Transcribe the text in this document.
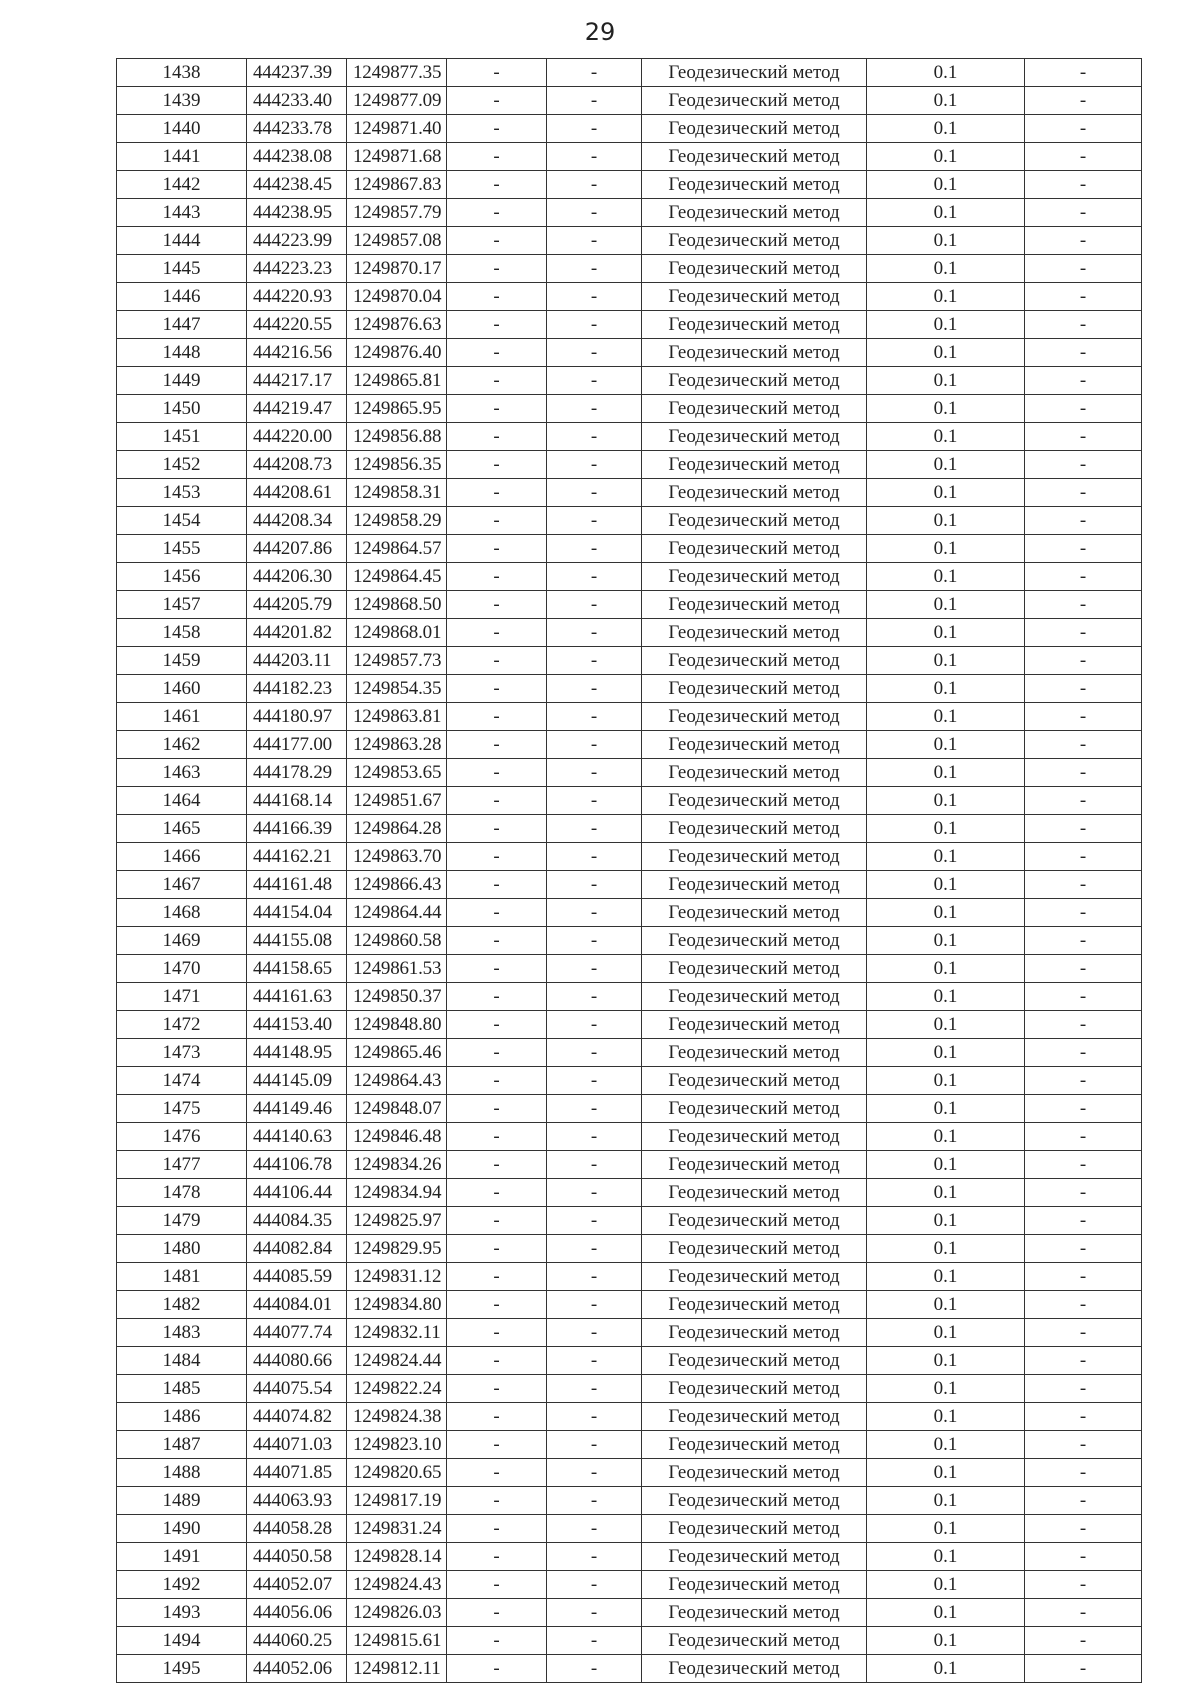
29
1438	444237.39	1249877.35	-	-	Геодезический метод	0.1	-
1439	444233.40	1249877.09	-	-	Геодезический метод	0.1	-
1440	444233.78	1249871.40	-	-	Геодезический метод	0.1	-
1441	444238.08	1249871.68	-	-	Геодезический метод	0.1	-
1442	444238.45	1249867.83	-	-	Геодезический метод	0.1	-
1443	444238.95	1249857.79	-	-	Геодезический метод	0.1	-
1444	444223.99	1249857.08	-	-	Геодезический метод	0.1	-
1445	444223.23	1249870.17	-	-	Геодезический метод	0.1	-
1446	444220.93	1249870.04	-	-	Геодезический метод	0.1	-
1447	444220.55	1249876.63	-	-	Геодезический метод	0.1	-
1448	444216.56	1249876.40	-	-	Геодезический метод	0.1	-
1449	444217.17	1249865.81	-	-	Геодезический метод	0.1	-
1450	444219.47	1249865.95	-	-	Геодезический метод	0.1	-
1451	444220.00	1249856.88	-	-	Геодезический метод	0.1	-
1452	444208.73	1249856.35	-	-	Геодезический метод	0.1	-
1453	444208.61	1249858.31	-	-	Геодезический метод	0.1	-
1454	444208.34	1249858.29	-	-	Геодезический метод	0.1	-
1455	444207.86	1249864.57	-	-	Геодезический метод	0.1	-
1456	444206.30	1249864.45	-	-	Геодезический метод	0.1	-
1457	444205.79	1249868.50	-	-	Геодезический метод	0.1	-
1458	444201.82	1249868.01	-	-	Геодезический метод	0.1	-
1459	444203.11	1249857.73	-	-	Геодезический метод	0.1	-
1460	444182.23	1249854.35	-	-	Геодезический метод	0.1	-
1461	444180.97	1249863.81	-	-	Геодезический метод	0.1	-
1462	444177.00	1249863.28	-	-	Геодезический метод	0.1	-
1463	444178.29	1249853.65	-	-	Геодезический метод	0.1	-
1464	444168.14	1249851.67	-	-	Геодезический метод	0.1	-
1465	444166.39	1249864.28	-	-	Геодезический метод	0.1	-
1466	444162.21	1249863.70	-	-	Геодезический метод	0.1	-
1467	444161.48	1249866.43	-	-	Геодезический метод	0.1	-
1468	444154.04	1249864.44	-	-	Геодезический метод	0.1	-
1469	444155.08	1249860.58	-	-	Геодезический метод	0.1	-
1470	444158.65	1249861.53	-	-	Геодезический метод	0.1	-
1471	444161.63	1249850.37	-	-	Геодезический метод	0.1	-
1472	444153.40	1249848.80	-	-	Геодезический метод	0.1	-
1473	444148.95	1249865.46	-	-	Геодезический метод	0.1	-
1474	444145.09	1249864.43	-	-	Геодезический метод	0.1	-
1475	444149.46	1249848.07	-	-	Геодезический метод	0.1	-
1476	444140.63	1249846.48	-	-	Геодезический метод	0.1	-
1477	444106.78	1249834.26	-	-	Геодезический метод	0.1	-
1478	444106.44	1249834.94	-	-	Геодезический метод	0.1	-
1479	444084.35	1249825.97	-	-	Геодезический метод	0.1	-
1480	444082.84	1249829.95	-	-	Геодезический метод	0.1	-
1481	444085.59	1249831.12	-	-	Геодезический метод	0.1	-
1482	444084.01	1249834.80	-	-	Геодезический метод	0.1	-
1483	444077.74	1249832.11	-	-	Геодезический метод	0.1	-
1484	444080.66	1249824.44	-	-	Геодезический метод	0.1	-
1485	444075.54	1249822.24	-	-	Геодезический метод	0.1	-
1486	444074.82	1249824.38	-	-	Геодезический метод	0.1	-
1487	444071.03	1249823.10	-	-	Геодезический метод	0.1	-
1488	444071.85	1249820.65	-	-	Геодезический метод	0.1	-
1489	444063.93	1249817.19	-	-	Геодезический метод	0.1	-
1490	444058.28	1249831.24	-	-	Геодезический метод	0.1	-
1491	444050.58	1249828.14	-	-	Геодезический метод	0.1	-
1492	444052.07	1249824.43	-	-	Геодезический метод	0.1	-
1493	444056.06	1249826.03	-	-	Геодезический метод	0.1	-
1494	444060.25	1249815.61	-	-	Геодезический метод	0.1	-
1495	444052.06	1249812.11	-	-	Геодезический метод	0.1	-
